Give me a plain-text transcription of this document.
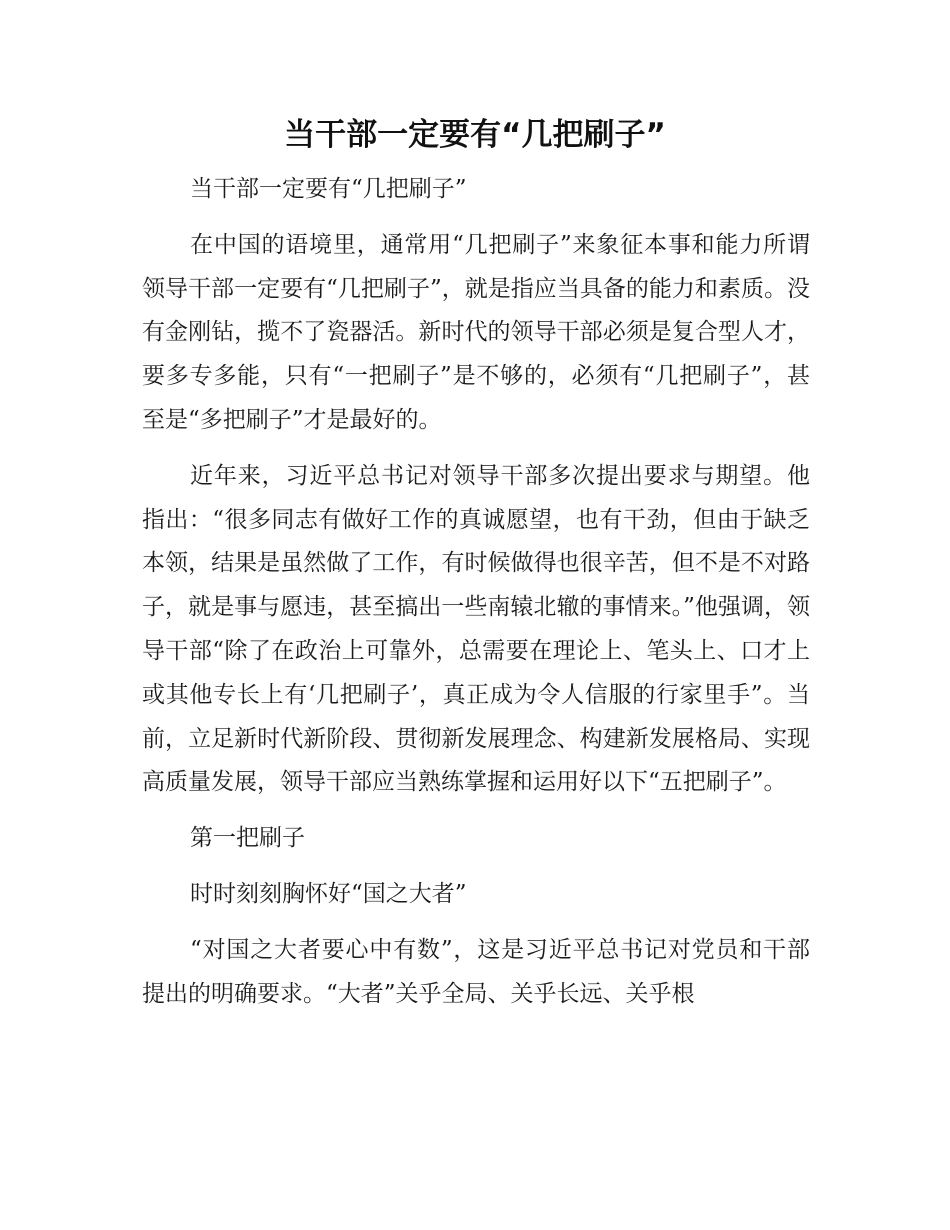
当干部一定要有“几把刷子”

当干部一定要有“几把刷子”

在中国的语境里，通常用“几把刷子”来象征本事和能力所谓领导干部一定要有“几把刷子”，就是指应当具备的能力和素质。没有金刚钻，揽不了瓷器活。新时代的领导干部必须是复合型人才，要多专多能，只有“一把刷子”是不够的，必须有“几把刷子”，甚至是“多把刷子”才是最好的。

近年来，习近平总书记对领导干部多次提出要求与期望。他指出：“很多同志有做好工作的真诚愿望，也有干劲，但由于缺乏本领，结果是虽然做了工作，有时候做得也很辛苦，但不是不对路子，就是事与愿违，甚至搞出一些南辕北辙的事情来。”他强调，领导干部“除了在政治上可靠外，总需要在理论上、笔头上、口才上或其他专长上有‘几把刷子’，真正成为令人信服的行家里手”。当前，立足新时代新阶段、贯彻新发展理念、构建新发展格局、实现高质量发展，领导干部应当熟练掌握和运用好以下“五把刷子”。

第一把刷子

时时刻刻胸怀好“国之大者”

“对国之大者要心中有数”，这是习近平总书记对党员和干部提出的明确要求。“大者”关乎全局、关乎长远、关乎根
